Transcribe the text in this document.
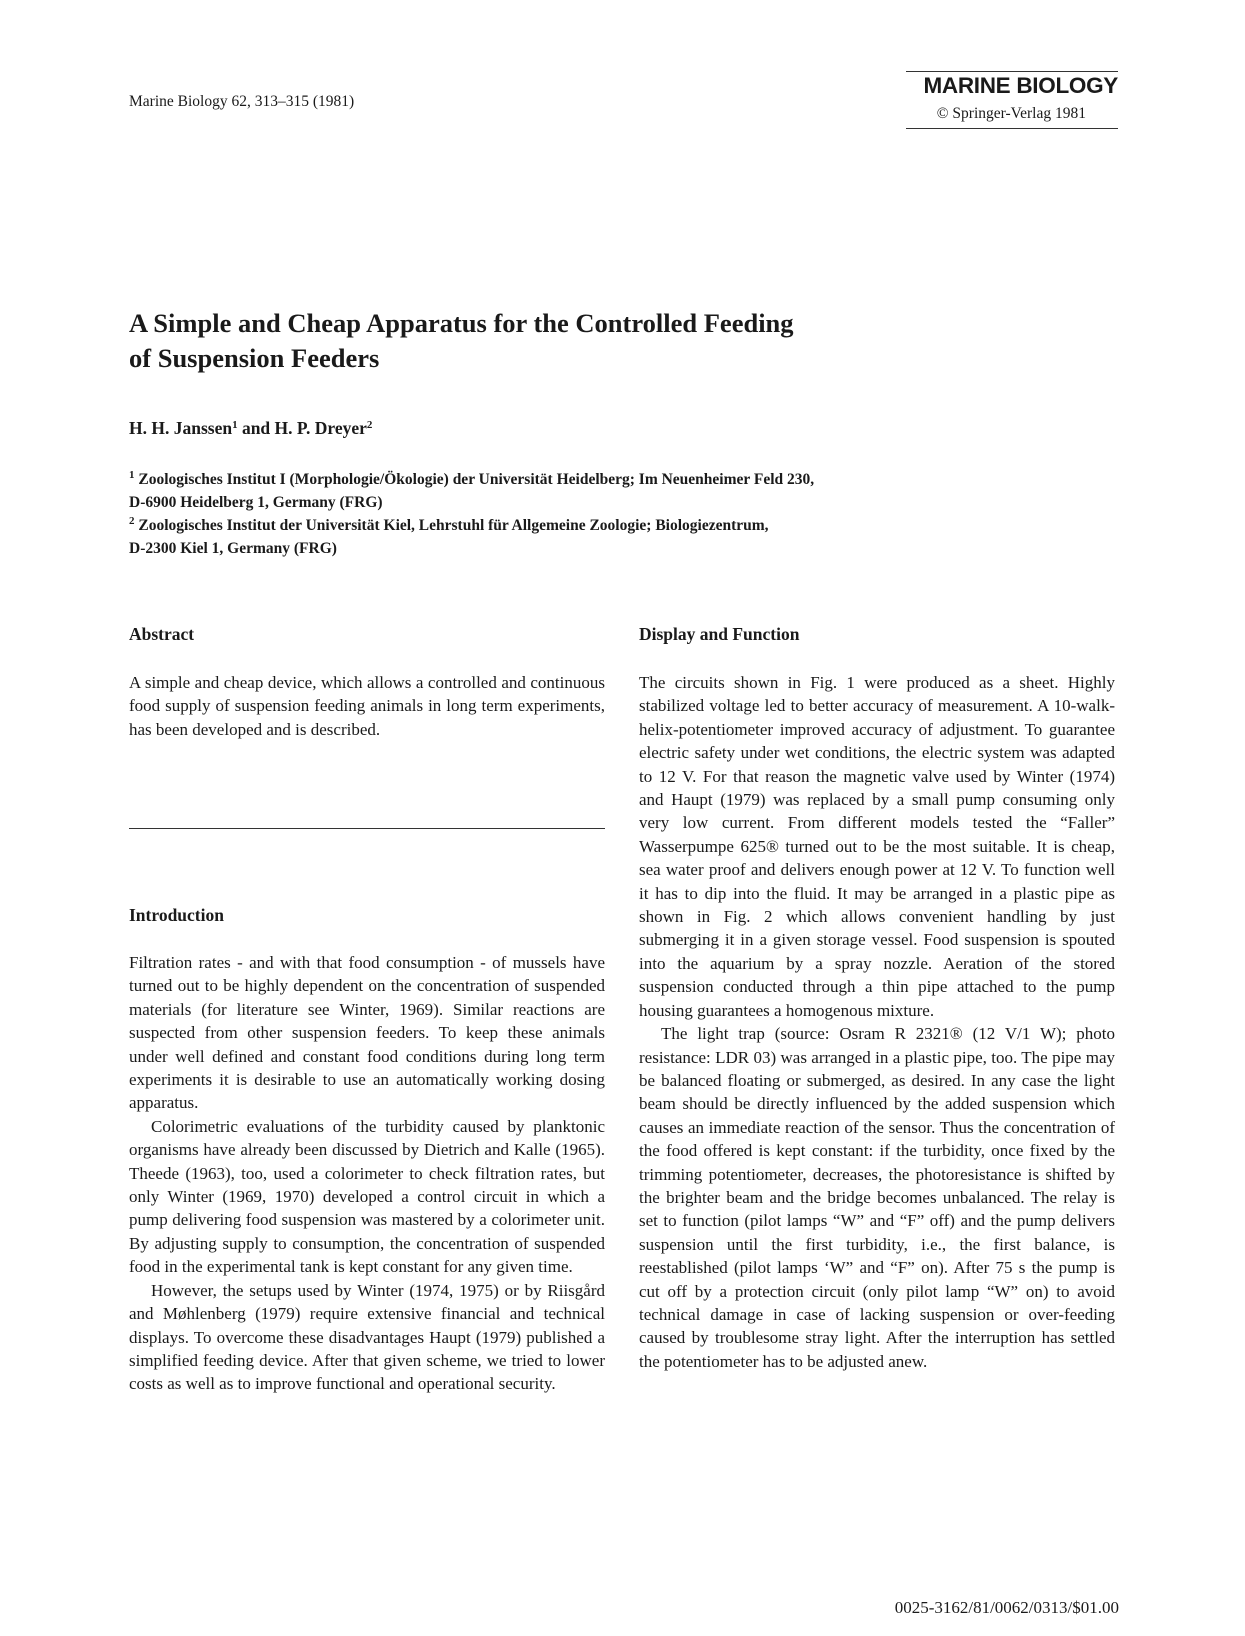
Marine Biology 62, 313–315 (1981)
MARINE BIOLOGY
© Springer-Verlag 1981
A Simple and Cheap Apparatus for the Controlled Feeding
of Suspension Feeders
H. H. Janssen$^1$ and H. P. Dreyer$^2$
$^1$ Zoologisches Institut I (Morphologie/Ökologie) der Universität Heidelberg; Im Neuenheimer Feld 230,
D-6900 Heidelberg 1, Germany (FRG)
$^2$ Zoologisches Institut der Universität Kiel, Lehrstuhl für Allgemeine Zoologie; Biologiezentrum,
D-2300 Kiel 1, Germany (FRG)
Abstract

A simple and cheap device, which allows a controlled and continuous food supply of suspension feeding animals in long term experiments, has been developed and is described.

Introduction

Filtration rates - and with that food consumption - of mussels have turned out to be highly dependent on the concentration of suspended materials (for literature see Winter, 1969). Similar reactions are suspected from other suspension feeders. To keep these animals under well defined and constant food conditions during long term experiments it is desirable to use an automatically working dosing apparatus.

Colorimetric evaluations of the turbidity caused by planktonic organisms have already been discussed by Dietrich and Kalle (1965). Theede (1963), too, used a colorimeter to check filtration rates, but only Winter (1969, 1970) developed a control circuit in which a pump delivering food suspension was mastered by a colorimeter unit. By adjusting supply to consumption, the concentration of suspended food in the experimental tank is kept constant for any given time.

However, the setups used by Winter (1974, 1975) or by Riisgård and Møhlenberg (1979) require extensive financial and technical displays. To overcome these disadvantages Haupt (1979) published a simplified feeding device. After that given scheme, we tried to lower costs as well as to improve functional and operational security.

Display and Function

The circuits shown in Fig. 1 were produced as a sheet. Highly stabilized voltage led to better accuracy of measurement. A 10-walk-helix-potentiometer improved accuracy of adjustment. To guarantee electric safety under wet conditions, the electric system was adapted to 12 V. For that reason the magnetic valve used by Winter (1974) and Haupt (1979) was replaced by a small pump consuming only very low current. From different models tested the “Faller” Wasserpumpe 625® turned out to be the most suitable. It is cheap, sea water proof and delivers enough power at 12 V. To function well it has to dip into the fluid. It may be arranged in a plastic pipe as shown in Fig. 2 which allows convenient handling by just submerging it in a given storage vessel. Food suspension is spouted into the aquarium by a spray nozzle. Aeration of the stored suspension conducted through a thin pipe attached to the pump housing guarantees a homogenous mixture.

The light trap (source: Osram R 2321® (12 V/1 W); photo resistance: LDR 03) was arranged in a plastic pipe, too. The pipe may be balanced floating or submerged, as desired. In any case the light beam should be directly influenced by the added suspension which causes an immediate reaction of the sensor. Thus the concentration of the food offered is kept constant: if the turbidity, once fixed by the trimming potentiometer, decreases, the photoresistance is shifted by the brighter beam and the bridge becomes unbalanced. The relay is set to function (pilot lamps “W” and “F” off) and the pump delivers suspension until the first turbidity, i.e., the first balance, is reestablished (pilot lamps ‘W” and “F” on). After 75 s the pump is cut off by a protection circuit (only pilot lamp “W” on) to avoid technical damage in case of lacking suspension or over-feeding caused by troublesome stray light. After the interruption has settled the potentiometer has to be adjusted anew.

0025-3162/81/0062/0313/$01.00
